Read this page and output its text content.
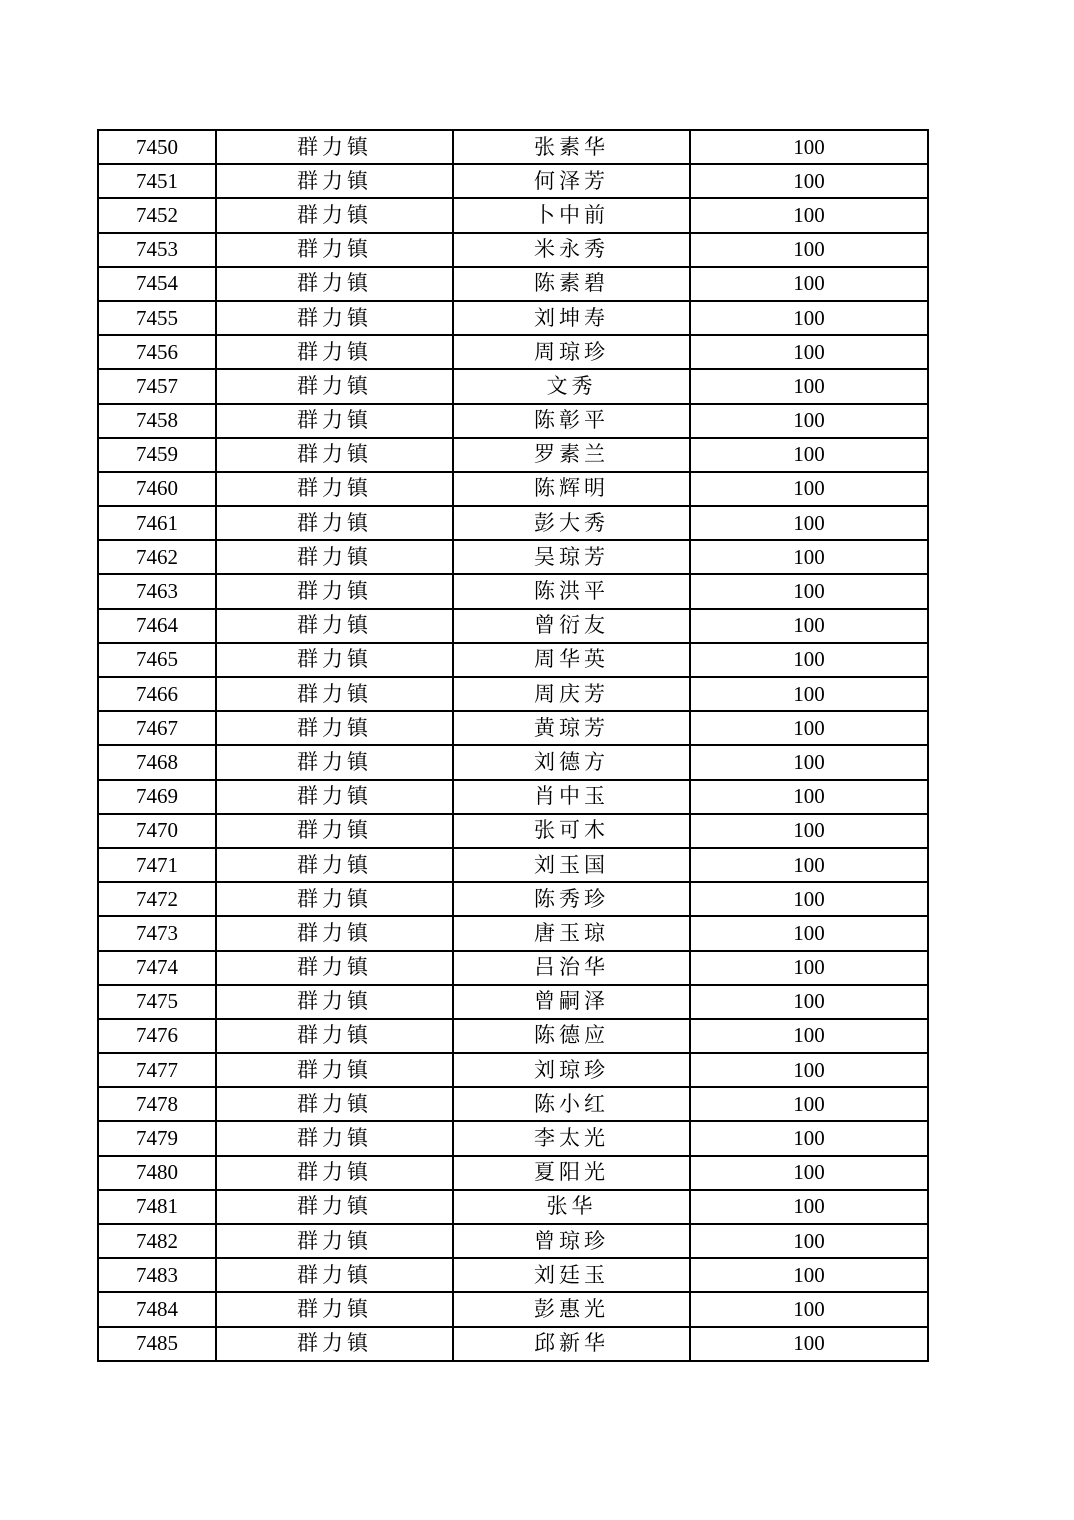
7450	群力镇	张素华	100
7451	群力镇	何泽芳	100
7452	群力镇	卜中前	100
7453	群力镇	米永秀	100
7454	群力镇	陈素碧	100
7455	群力镇	刘坤寿	100
7456	群力镇	周琼珍	100
7457	群力镇	文秀	100
7458	群力镇	陈彰平	100
7459	群力镇	罗素兰	100
7460	群力镇	陈辉明	100
7461	群力镇	彭大秀	100
7462	群力镇	吴琼芳	100
7463	群力镇	陈洪平	100
7464	群力镇	曾衍友	100
7465	群力镇	周华英	100
7466	群力镇	周庆芳	100
7467	群力镇	黄琼芳	100
7468	群力镇	刘德方	100
7469	群力镇	肖中玉	100
7470	群力镇	张可木	100
7471	群力镇	刘玉国	100
7472	群力镇	陈秀珍	100
7473	群力镇	唐玉琼	100
7474	群力镇	吕治华	100
7475	群力镇	曾嗣泽	100
7476	群力镇	陈德应	100
7477	群力镇	刘琼珍	100
7478	群力镇	陈小红	100
7479	群力镇	李太光	100
7480	群力镇	夏阳光	100
7481	群力镇	张华	100
7482	群力镇	曾琼珍	100
7483	群力镇	刘廷玉	100
7484	群力镇	彭惠光	100
7485	群力镇	邱新华	100
